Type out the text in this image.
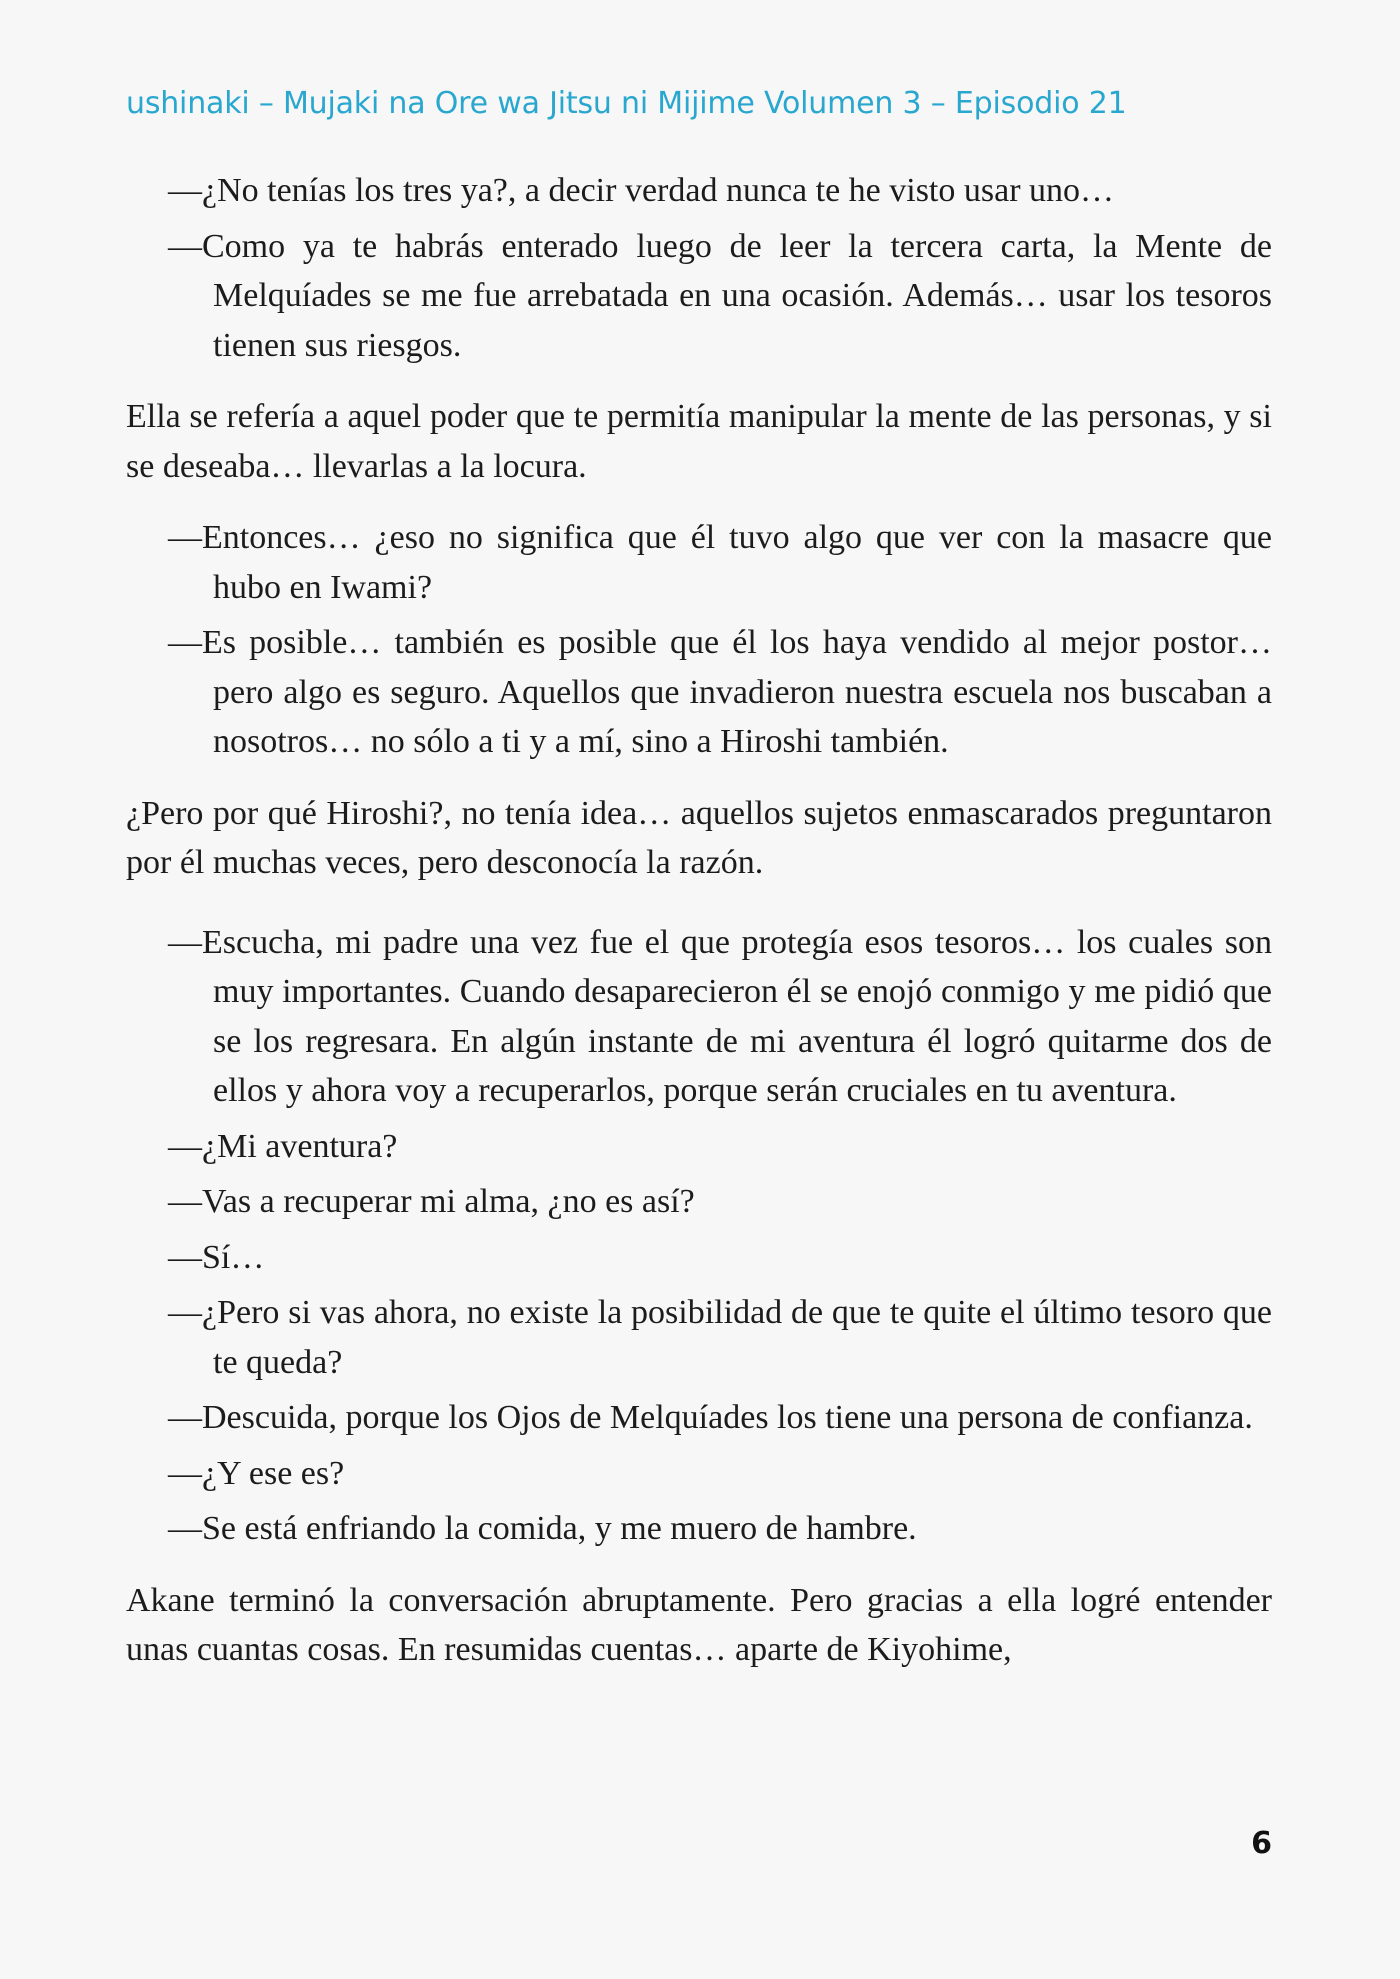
ushinaki – Mujaki na Ore wa Jitsu ni Mijime Volumen 3 – Episodio 21

—¿No tenías los tres ya?, a decir verdad nunca te he visto usar uno…

—Como ya te habrás enterado luego de leer la tercera carta, la Mente de Melquíades se me fue arrebatada en una ocasión. Además… usar los tesoros tienen sus riesgos.

Ella se refería a aquel poder que te permitía manipular la mente de las personas, y si se deseaba… llevarlas a la locura.

—Entonces… ¿eso no significa que él tuvo algo que ver con la masacre que hubo en Iwami?

—Es posible… también es posible que él los haya vendido al mejor postor… pero algo es seguro. Aquellos que invadieron nuestra escuela nos buscaban a nosotros… no sólo a ti y a mí, sino a Hiroshi también.

¿Pero por qué Hiroshi?, no tenía idea… aquellos sujetos enmascarados preguntaron por él muchas veces, pero desconocía la razón.

—Escucha, mi padre una vez fue el que protegía esos tesoros… los cuales son muy importantes. Cuando desaparecieron él se enojó conmigo y me pidió que se los regresara. En algún instante de mi aventura él logró quitarme dos de ellos y ahora voy a recuperarlos, porque serán cruciales en tu aventura.

—¿Mi aventura?

—Vas a recuperar mi alma, ¿no es así?

—Sí…

—¿Pero si vas ahora, no existe la posibilidad de que te quite el último tesoro que te queda?

—Descuida, porque los Ojos de Melquíades los tiene una persona de confianza.

—¿Y ese es?

—Se está enfriando la comida, y me muero de hambre.

Akane terminó la conversación abruptamente. Pero gracias a ella logré entender unas cuantas cosas. En resumidas cuentas… aparte de Kiyohime,

6
